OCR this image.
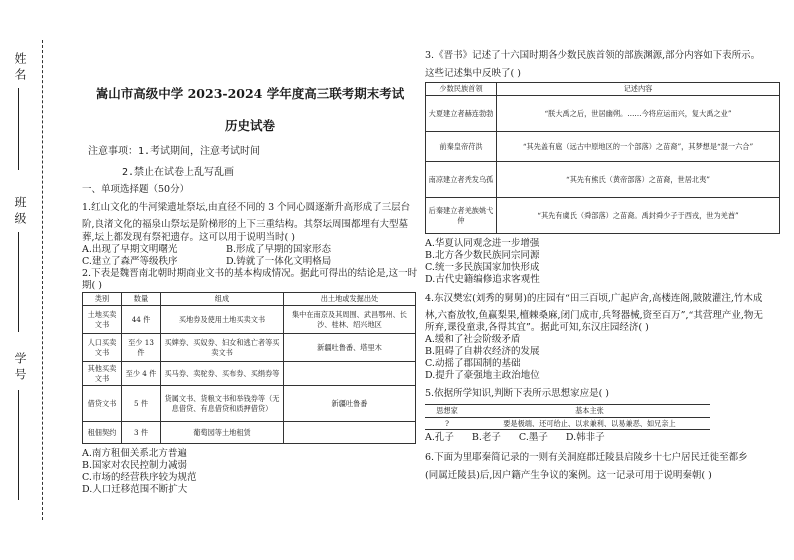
姓名
班级
学号
嵩山市高级中学 2023-2024 学年度高三联考期末考试
历史试卷
注意事项：1.考试期间，注意考试时间
2.禁止在试卷上乱写乱画
一、单项选择题（50分）
1.红山文化的牛河梁遗址祭坛,由直径不同的 3 个同心圆逐渐升高形成了三层台
阶,良渚文化的福泉山祭坛是阶梯形的上下三重结构。其祭坛周围都埋有大型墓
葬,坛上都发现有祭祀遗存。这可以用于说明当时( )
A.出现了早期文明曙光	B.形成了早期的国家形态
C.建立了森严等级秩序	D.铸就了一体化文明格局
2.下表是魏晋南北朝时期商业文书的基本构成情况。据此可得出的结论是,这一时
期( )
类别	数量	组成	出土地或发掘出处
土地买卖文书	44 件	买地券及使用土地买卖文书	集中在南京及其周围、武昌鄂州、长沙、桂林、绍兴地区
人口买卖文书	至少 13 件	买婢券、买奴券、妇女和逃亡者等买卖文书	新疆吐鲁番、塔里木
其他买卖文书	至少 4 件	买马券、卖驼券、买布券、买绢券等	
借贷文书	5 件	货属文书、货粮文书和举钱券等（无息借贷、有息借贷和质押借贷）	新疆吐鲁番
租佃契约	3 件	葡萄园等土地租赁	
A.南方租佃关系北方普遍
B.国家对农民控制力减弱
C.市场的经营秩序较为规范
D.人口迁移范围不断扩大
3.《晋书》记述了十六国时期各少数民族首领的部族渊源,部分内容如下表所示。
这些记述集中反映了( )
少数民族首领	记述内容
大夏建立者赫连勃勃	“朕大禹之后，世居幽朔。……今将应运而兴，复大禹之业”
前秦皇帝苻洪	“其先盖有扈（远古中原地区的一个部落）之苗裔”，其梦想是“混一六合”
南凉建立者秃发乌孤	“其先有熊氏（黄帝部落）之苗裔，世居北夷”
后秦建立者羌族姚弋仲	“其先有虞氏（舜部落）之苗裔。禹封舜少子于西戎，世为羌酋”
A.华夏认同观念进一步增强
B.北方各少数民族同宗同源
C.统一多民族国家加快形成
D.古代史籍编修追求客观性
4.东汉樊宏(刘秀的舅舅)的庄园有“田三百顷,广起庐舍,高楼连阁,陂陂灌注,竹木成
林,六畜放牧,鱼赢梨果,檀棘桑麻,闭门成市,兵弩器械,资至百万”,“其营理产业,物无
所弃,课役童隶,各得其宜”。据此可知,东汉庄园经济( )
A.缓和了社会阶级矛盾
B.阻碍了自耕农经济的发展
C.动摇了郡国制的基础
D.提升了豪强地主政治地位
5.依据所学知识,判断下表所示思想家应是( )
思想家	基本主张
?	要是极端、还可给止、以求兼利、以易兼恶、如兄亲上
A.孔子 B.老子 C.墨子 D.韩非子
6.下面为里耶秦简记录的一则有关洞庭郡迁陵县启陵乡十七户居民迁徙至都乡
(同属迁陵县)后,因户籍产生争议的案例。这一记录可用于说明秦朝( )
